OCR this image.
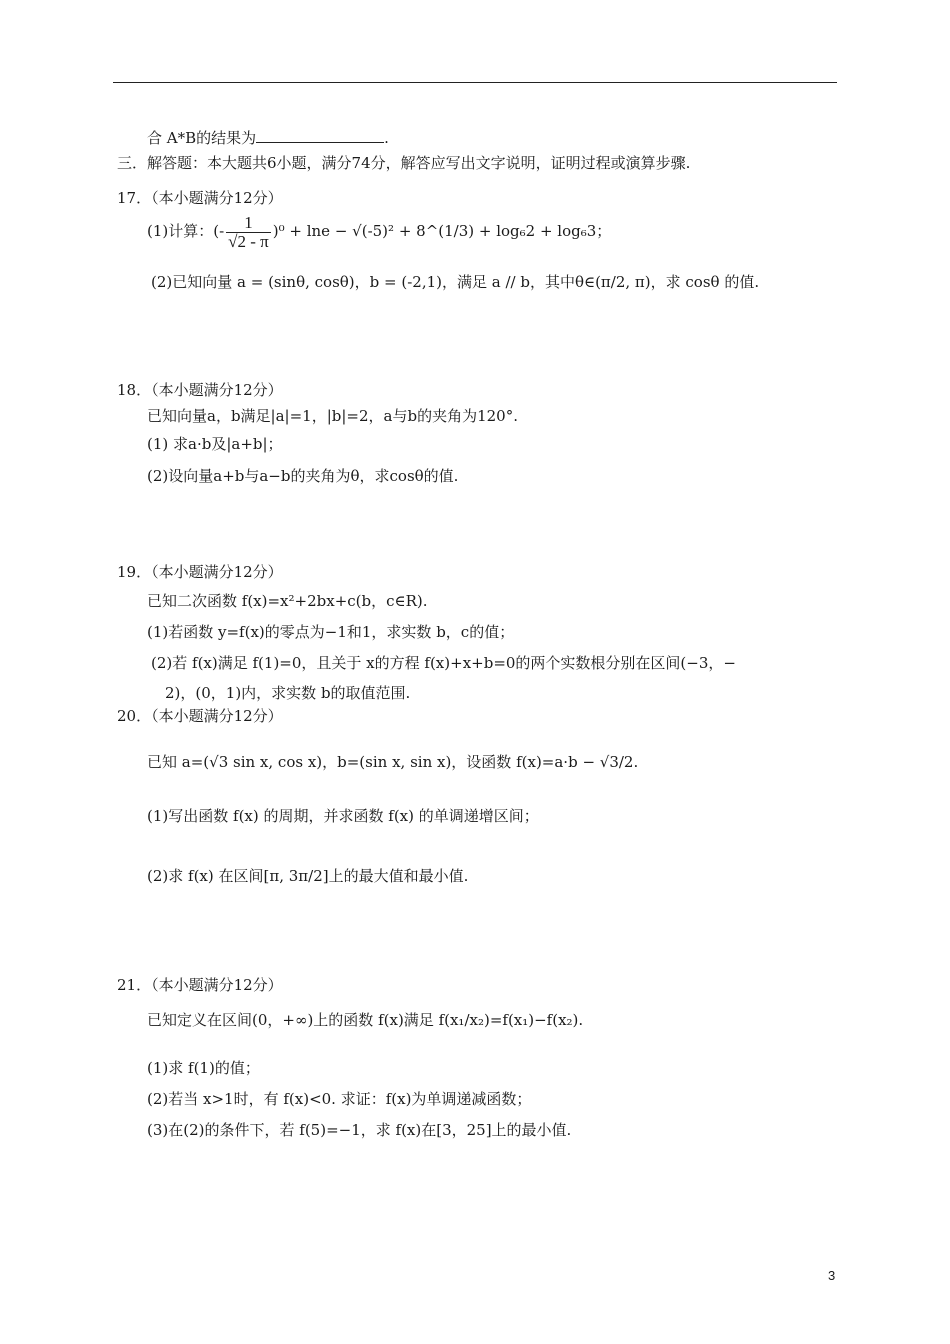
合 A*B的结果为	.
三．解答题：本大题共6小题，满分74分，解答应写出文字说明，证明过程或演算步骤.
17．（本小题满分12分）
(1)计算：(- $\frac{1}{√2 - \pi} )^0 + \ln e - √(-5)^2$ + 8^(1/3) + log₆2 + log₆3；
(2)已知向量 a = (sinθ, cosθ)，b = (-2,1)，满足 a // b，其中θ∈(π/2, π)，求 cosθ 的值.
18．（本小题满分12分）
已知向量a，b满足|a|=1，|b|=2，a与b的夹角为120°.
(1) 求a·b及|a+b|；
(2)设向量a+b与a−b的夹角为θ，求cosθ的值.
19．（本小题满分12分）
已知二次函数 f(x)=x²+2bx+c(b，c∈R).
(1)若函数 y=f(x)的零点为−1和1，求实数 b，c的值；
(2)若 f(x)满足 f(1)=0，且关于 x的方程 f(x)+x+b=0的两个实数根分别在区间(−3，−
2)，(0，1)内，求实数 b的取值范围.
20．（本小题满分12分）
已知 a=(√3 sin x, cos x)，b=(sin x, sin x)，设函数 f(x)=a·b − √3/2.
(1)写出函数 f(x) 的周期，并求函数 f(x) 的单调递增区间；
(2)求 f(x) 在区间[π, 3π/2]上的最大值和最小值.
21．（本小题满分12分）
已知定义在区间(0，+∞)上的函数 f(x)满足 f(x₁/x₂)=f(x₁)−f(x₂).
(1)求 f(1)的值；
(2)若当 x>1时，有 f(x)<0. 求证：f(x)为单调递减函数；
(3)在(2)的条件下，若 f(5)=−1，求 f(x)在[3，25]上的最小值.
3
